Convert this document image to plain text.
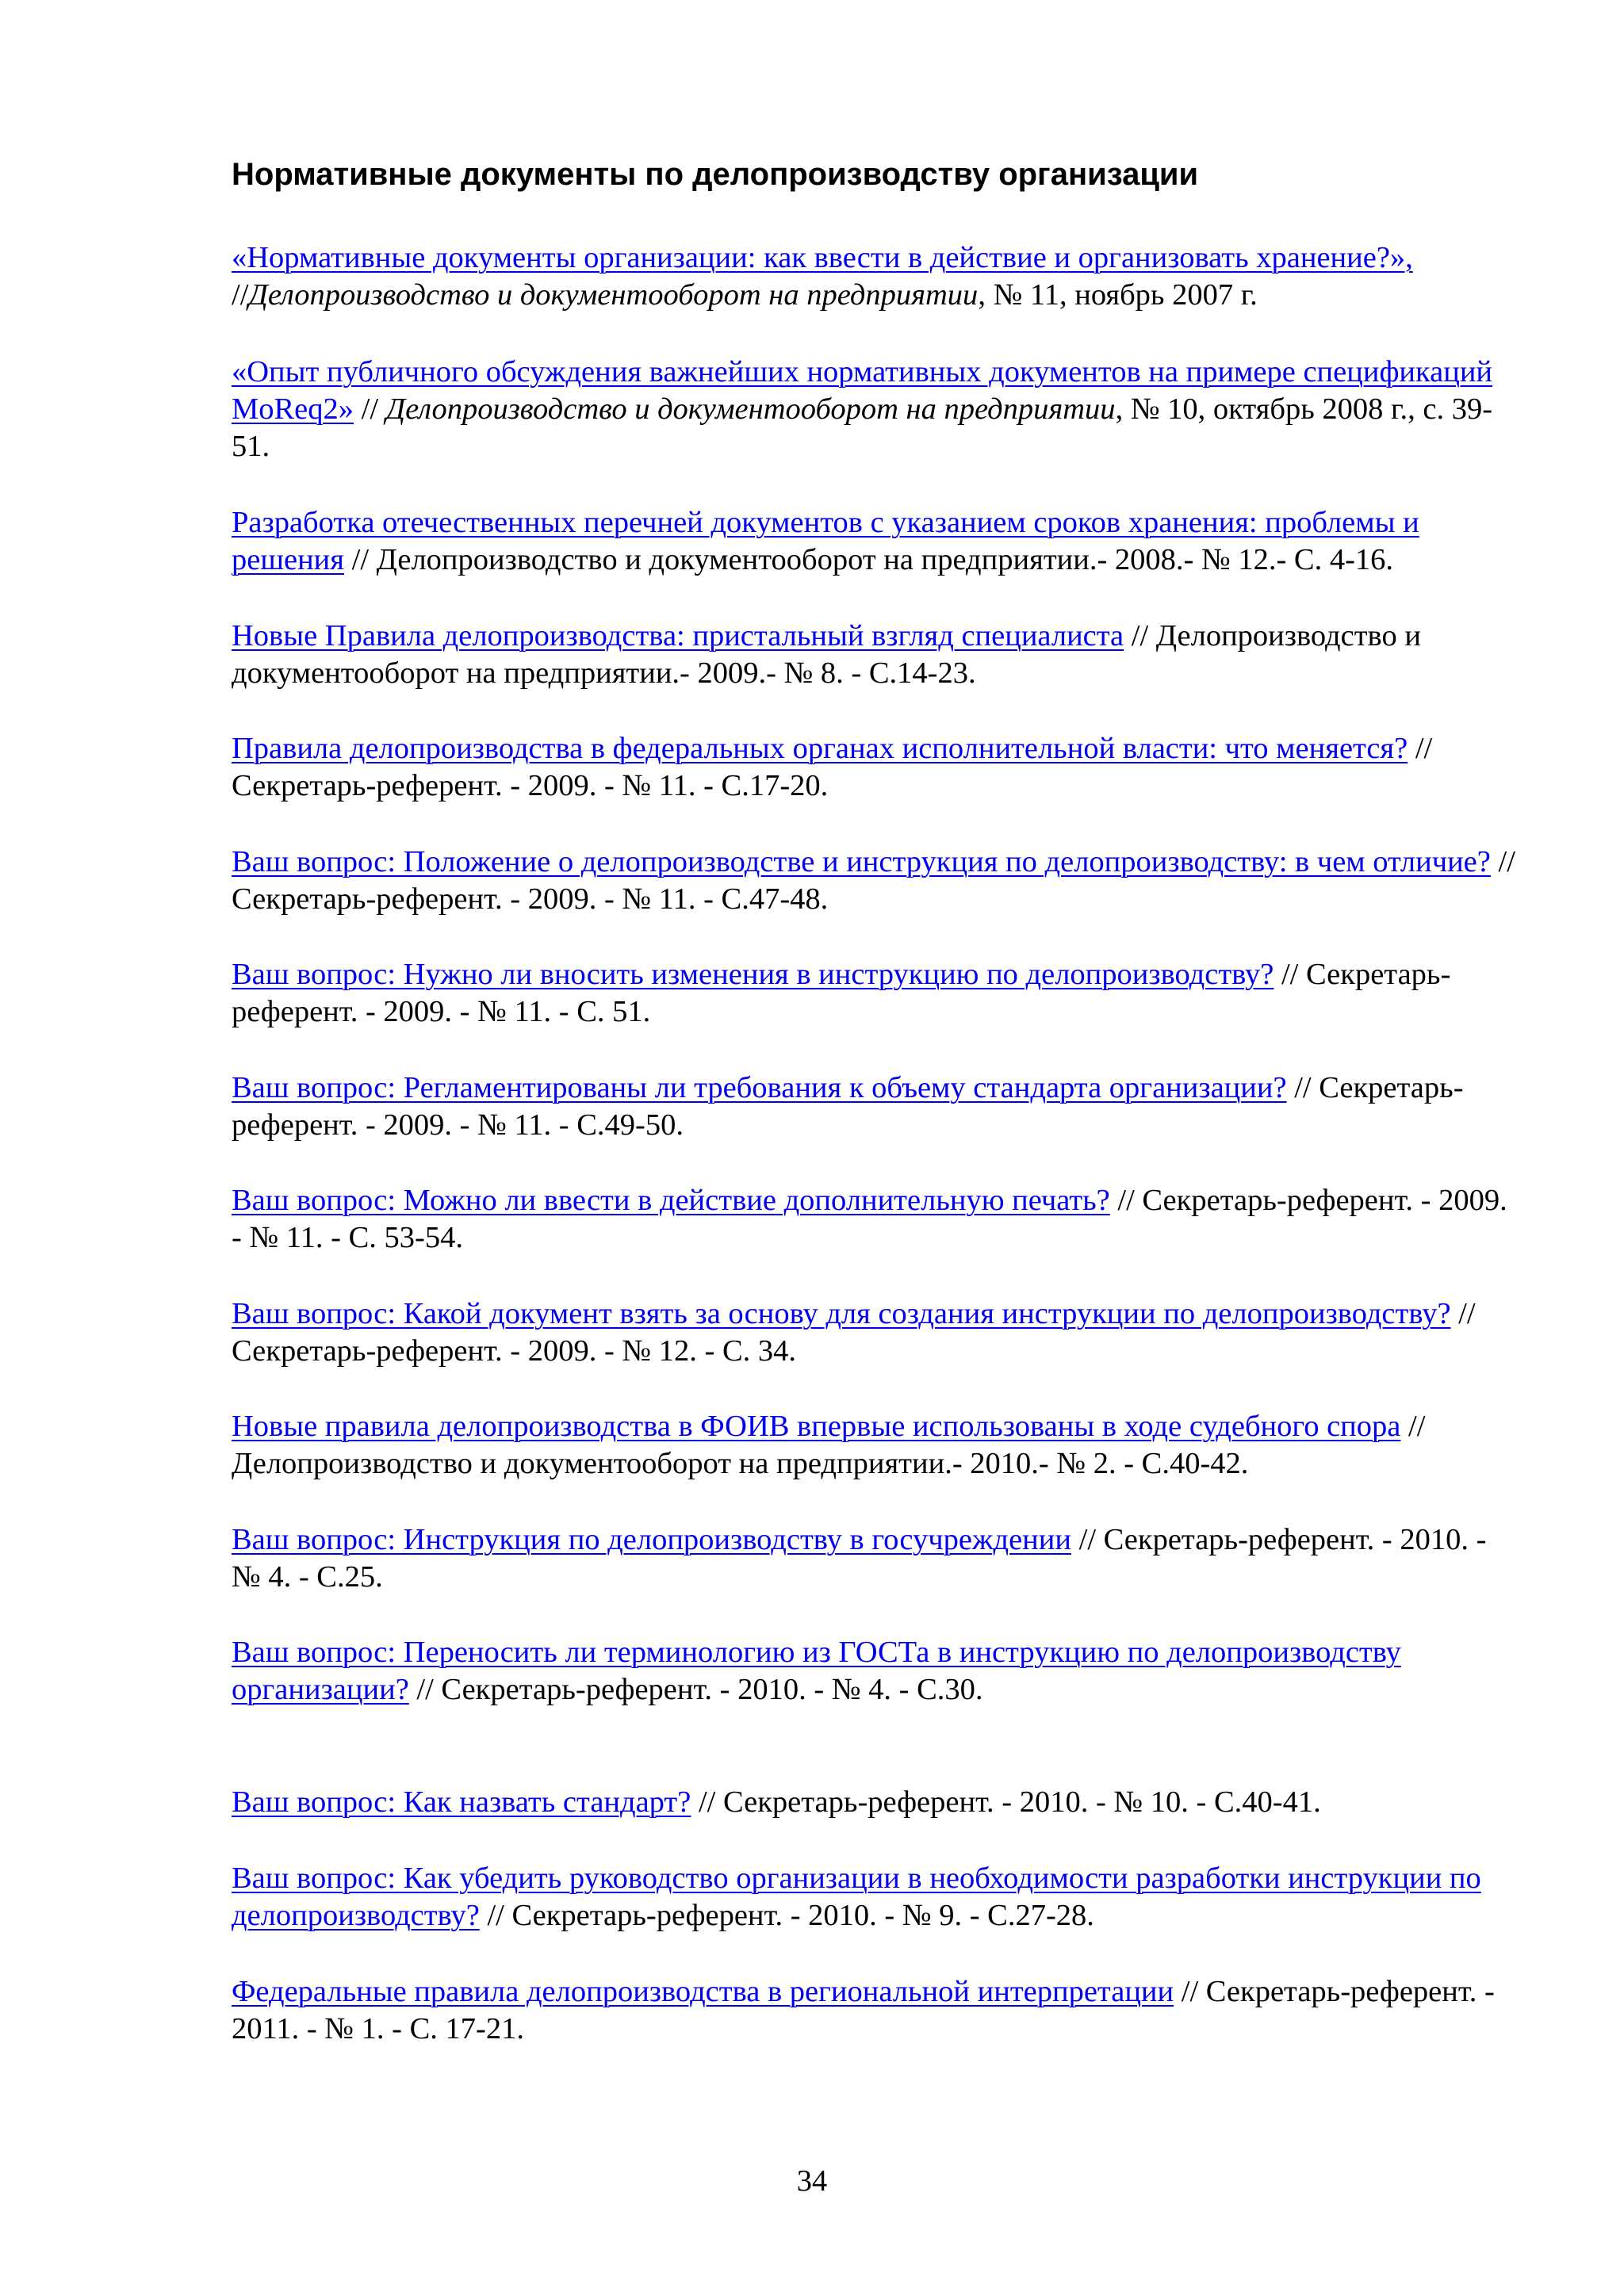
Нормативные документы по делопроизводству организации

«Нормативные документы организации: как ввести в действие и организовать хранение?»,
//Делопроизводство и документооборот на предприятии, № 11, ноябрь 2007 г.

«Опыт публичного обсуждения важнейших нормативных документов на примере спецификаций MoReq2» // Делопроизводство и документооборот на предприятии, № 10, октябрь 2008 г., с. 39-51.

Разработка отечественных перечней документов с указанием сроков хранения: проблемы и решения // Делопроизводство и документооборот на предприятии.- 2008.- № 12.- С. 4-16.

Новые Правила делопроизводства: пристальный взгляд специалиста // Делопроизводство и документооборот на предприятии.- 2009.- № 8. - С.14-23.

Правила делопроизводства в федеральных органах исполнительной власти: что меняется? // Секретарь-референт. - 2009. - № 11. - С.17-20.

Ваш вопрос: Положение о делопроизводстве и инструкция по делопроизводству: в чем отличие? // Секретарь-референт. - 2009. - № 11. - С.47-48.

Ваш вопрос: Нужно ли вносить изменения в инструкцию по делопроизводству? // Секретарь-референт. - 2009. - № 11. - С. 51.

Ваш вопрос: Регламентированы ли требования к объему стандарта организации? // Секретарь-референт. - 2009. - № 11. - С.49-50.

Ваш вопрос: Можно ли ввести в действие дополнительную печать? // Секретарь-референт. - 2009. - № 11. - С. 53-54.

Ваш вопрос: Какой документ взять за основу для создания инструкции по делопроизводству? // Секретарь-референт. - 2009. - № 12. - С. 34.

Новые правила делопроизводства в ФОИВ впервые использованы в ходе судебного спора // Делопроизводство и документооборот на предприятии.- 2010.- № 2. - С.40-42.

Ваш вопрос: Инструкция по делопроизводству в госучреждении // Секретарь-референт. - 2010. - № 4. - С.25.

Ваш вопрос: Переносить ли терминологию из ГОСТа в инструкцию по делопроизводству организации? // Секретарь-референт. - 2010. - № 4. - С.30.

Ваш вопрос: Как назвать стандарт? // Секретарь-референт. - 2010. - № 10. - С.40-41.

Ваш вопрос: Как убедить руководство организации в необходимости разработки инструкции по делопроизводству? // Секретарь-референт. - 2010. - № 9. - С.27-28.

Федеральные правила делопроизводства в региональной интерпретации // Секретарь-референт. - 2011. - № 1. - С. 17-21.

34
